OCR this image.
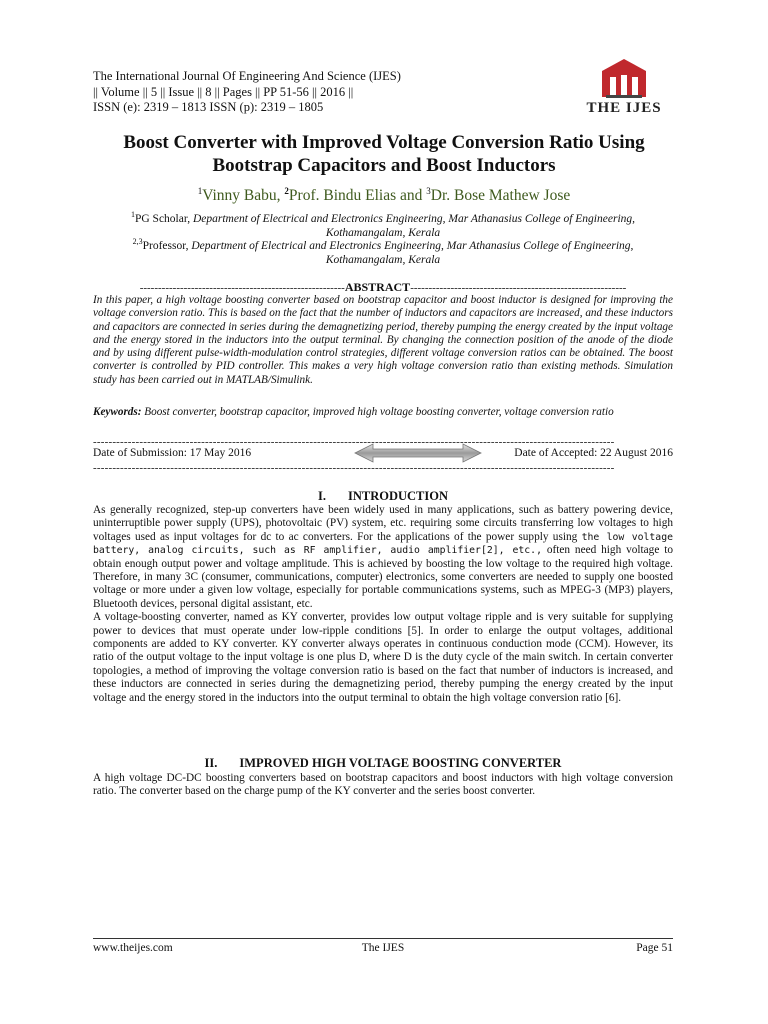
The International Journal Of Engineering And Science (IJES)
|| Volume || 5 || Issue || 8 || Pages || PP 51-56 || 2016 ||
ISSN (e): 2319 – 1813 ISSN (p): 2319 – 1805	THE IJES
Boost Converter with Improved Voltage Conversion Ratio Using
Bootstrap Capacitors and Boost Inductors
$^1$Vinny Babu, $^2$Prof. Bindu Elias and $^3$Dr. Bose Mathew Jose
$^1$PG Scholar, Department of Electrical and Electronics Engineering, Mar Athanasius College of Engineering,
Kothamangalam, Kerala
$^{2,3}$Professor, Department of Electrical and Electronics Engineering, Mar Athanasius College of Engineering,
Kothamangalam, Kerala
--------------------------------------------------------ABSTRACT-----------------------------------------------------------
In this paper, a high voltage boosting converter based on bootstrap capacitor and boost inductor is designed for improving the voltage conversion ratio. This is based on the fact that the number of inductors and capacitors are increased, and these inductors and capacitors are connected in series during the demagnetizing period, thereby pumping the energy created by the input voltage and the energy stored in the inductors into the output terminal. By changing the connection position of the anode of the diode and by using different pulse-width-modulation control strategies, different voltage conversion ratios can be obtained. The boost converter is controlled by PID controller. This makes a very high voltage conversion ratio than existing methods. Simulation study has been carried out in MATLAB/Simulink.
Keywords: Boost converter, bootstrap capacitor, improved high voltage boosting converter, voltage conversion ratio
---------------------------------------------------------------------------------------------------------------------------------------
Date of Submission: 17 May 2016	Date of Accepted: 22 August 2016
---------------------------------------------------------------------------------------------------------------------------------------
I. INTRODUCTION

As generally recognized, step-up converters have been widely used in many applications, such as battery powering device, uninterruptible power supply (UPS), photovoltaic (PV) system, etc. requiring some circuits transferring low voltages to high voltages used as input voltages for dc to ac converters. For the applications of the power supply using the low voltage battery, analog circuits, such as RF amplifier, audio amplifier[2], etc., often need high voltage to obtain enough output power and voltage amplitude. This is achieved by boosting the low voltage to the required high voltage. Therefore, in many 3C (consumer, communications, computer) electronics, some converters are needed to supply one boosted voltage or more under a given low voltage, especially for portable communications systems, such as MPEG-3 (MP3) players, Bluetooth devices, personal digital assistant, etc.

A voltage-boosting converter, named as KY converter, provides low output voltage ripple and is very suitable for supplying power to devices that must operate under low-ripple conditions [5]. In order to enlarge the output voltages, additional components are added to KY converter. KY converter always operates in continuous conduction mode (CCM). However, its ratio of the output voltage to the input voltage is one plus D, where D is the duty cycle of the main switch. In certain converter topologies, a method of improving the voltage conversion ratio is based on the fact that number of inductors is increased, and these inductors are connected in series during the demagnetizing period, thereby pumping the energy created by the input voltage and the energy stored in the inductors into the output terminal to obtain the high voltage conversion ratio [6].

II. IMPROVED HIGH VOLTAGE BOOSTING CONVERTER

A high voltage DC-DC boosting converters based on bootstrap capacitors and boost inductors with high voltage conversion ratio. The converter based on the charge pump of the KY converter and the series boost converter.

www.theijes.com	The IJES	Page 51
